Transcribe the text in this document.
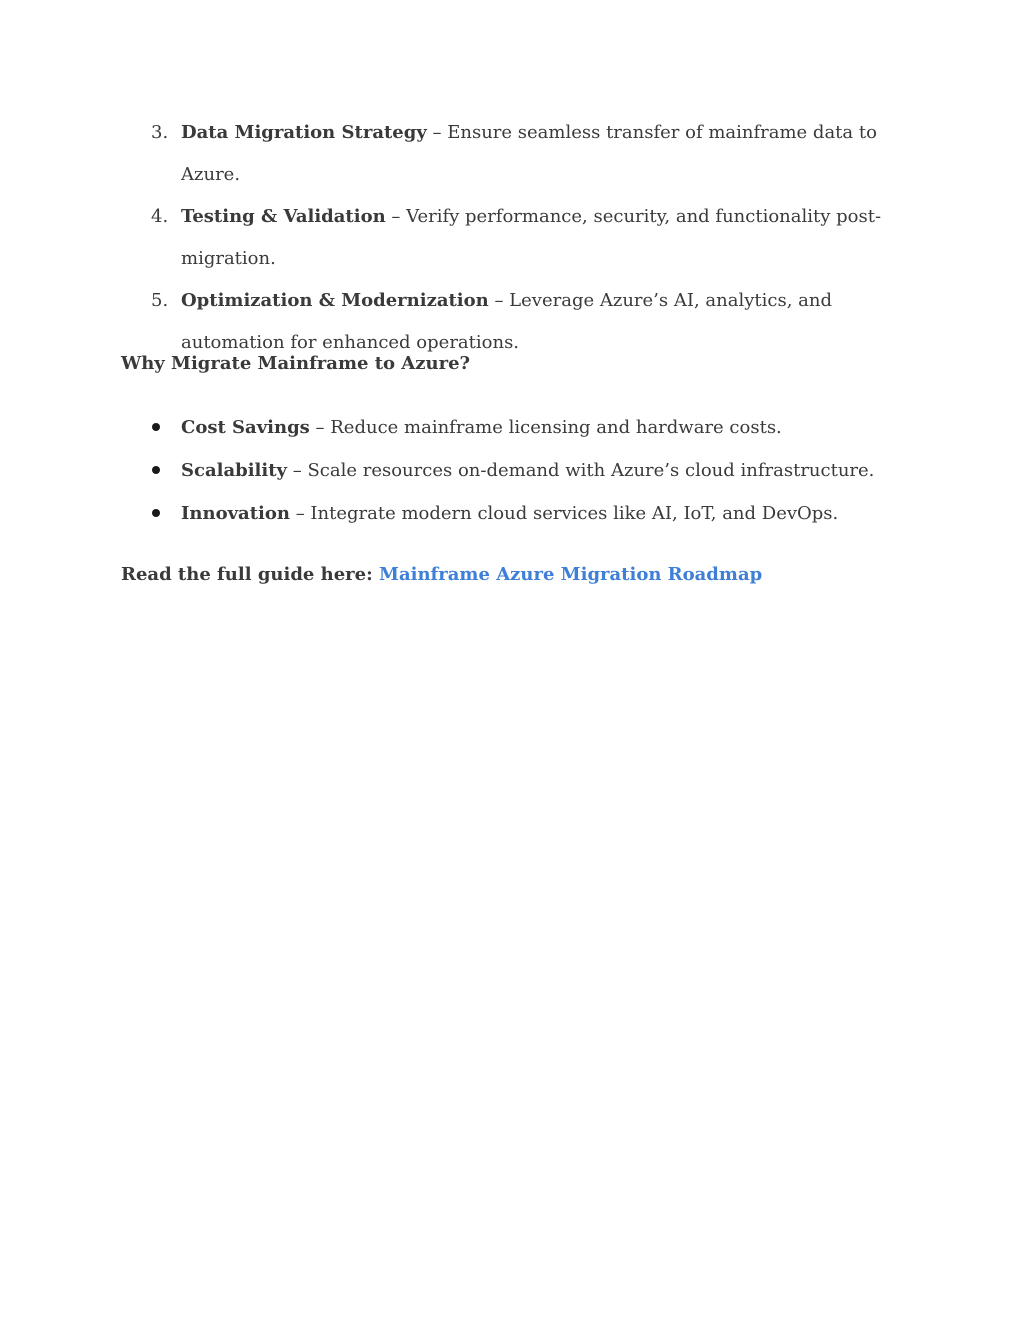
3. Data Migration Strategy – Ensure seamless transfer of mainframe data to Azure.
4. Testing & Validation – Verify performance, security, and functionality post-migration.
5. Optimization & Modernization – Leverage Azure’s AI, analytics, and automation for enhanced operations.

Why Migrate Mainframe to Azure?

Cost Savings – Reduce mainframe licensing and hardware costs.
Scalability – Scale resources on-demand with Azure’s cloud infrastructure.
Innovation – Integrate modern cloud services like AI, IoT, and DevOps.

Read the full guide here: Mainframe Azure Migration Roadmap
